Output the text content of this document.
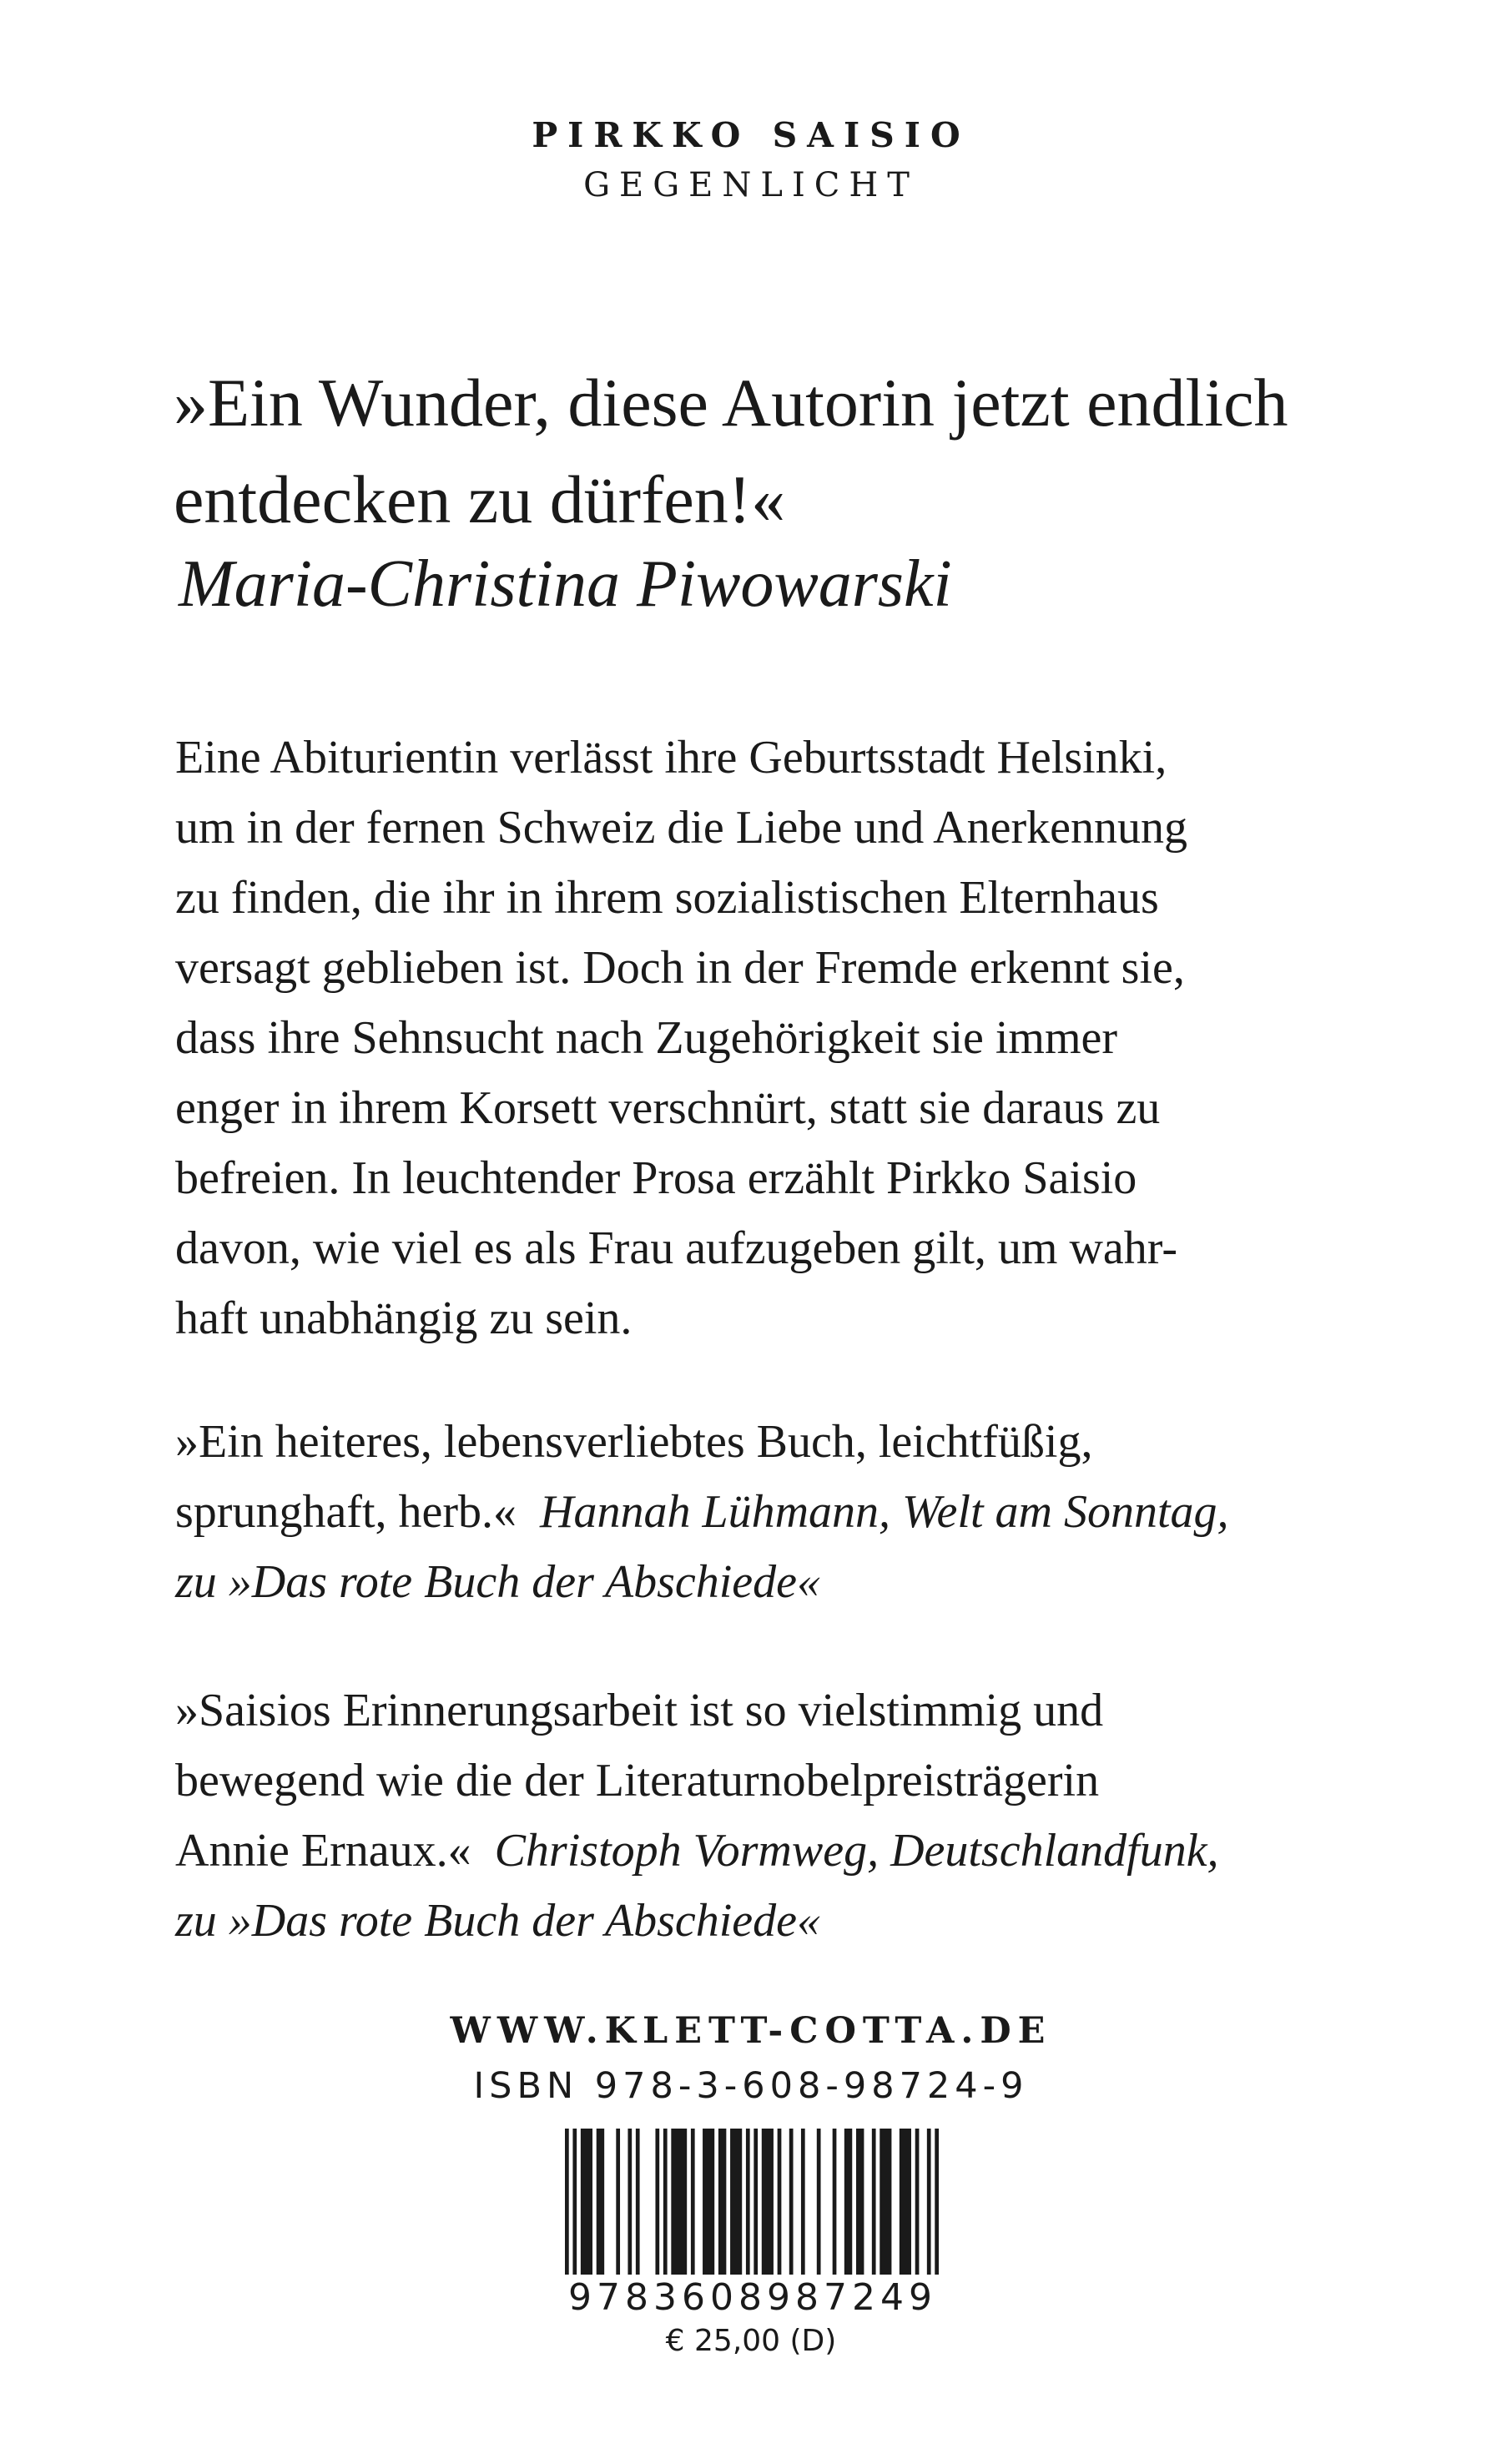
PIRKKO SAISIO
GEGENLICHT
»Ein Wunder, diese Autorin jetzt endlich
entdecken zu dürfen!«
Maria-Christina Piwowarski
Eine Abiturientin verlässt ihre Geburtsstadt Helsinki,
um in der fernen Schweiz die Liebe und Anerkennung
zu finden, die ihr in ihrem sozialistischen Elternhaus
versagt geblieben ist. Doch in der Fremde erkennt sie,
dass ihre Sehnsucht nach Zugehörigkeit sie immer
enger in ihrem Korsett verschnürt, statt sie daraus zu
befreien. In leuchtender Prosa erzählt Pirkko Saisio
davon, wie viel es als Frau aufzugeben gilt, um wahr-
haft unabhängig zu sein.
»Ein heiteres, lebensverliebtes Buch, leichtfüßig,
sprunghaft, herb.« Hannah Lühmann, Welt am Sonntag,
zu »Das rote Buch der Abschiede«
»Saisios Erinnerungsarbeit ist so vielstimmig und
bewegend wie die der Literaturnobelpreisträgerin
Annie Ernaux.« Christoph Vormweg, Deutschlandfunk,
zu »Das rote Buch der Abschiede«
WWW.KLETT-COTTA.DE
ISBN 978-3-608-98724-9
9783608987249
€ 25,00 (D)
